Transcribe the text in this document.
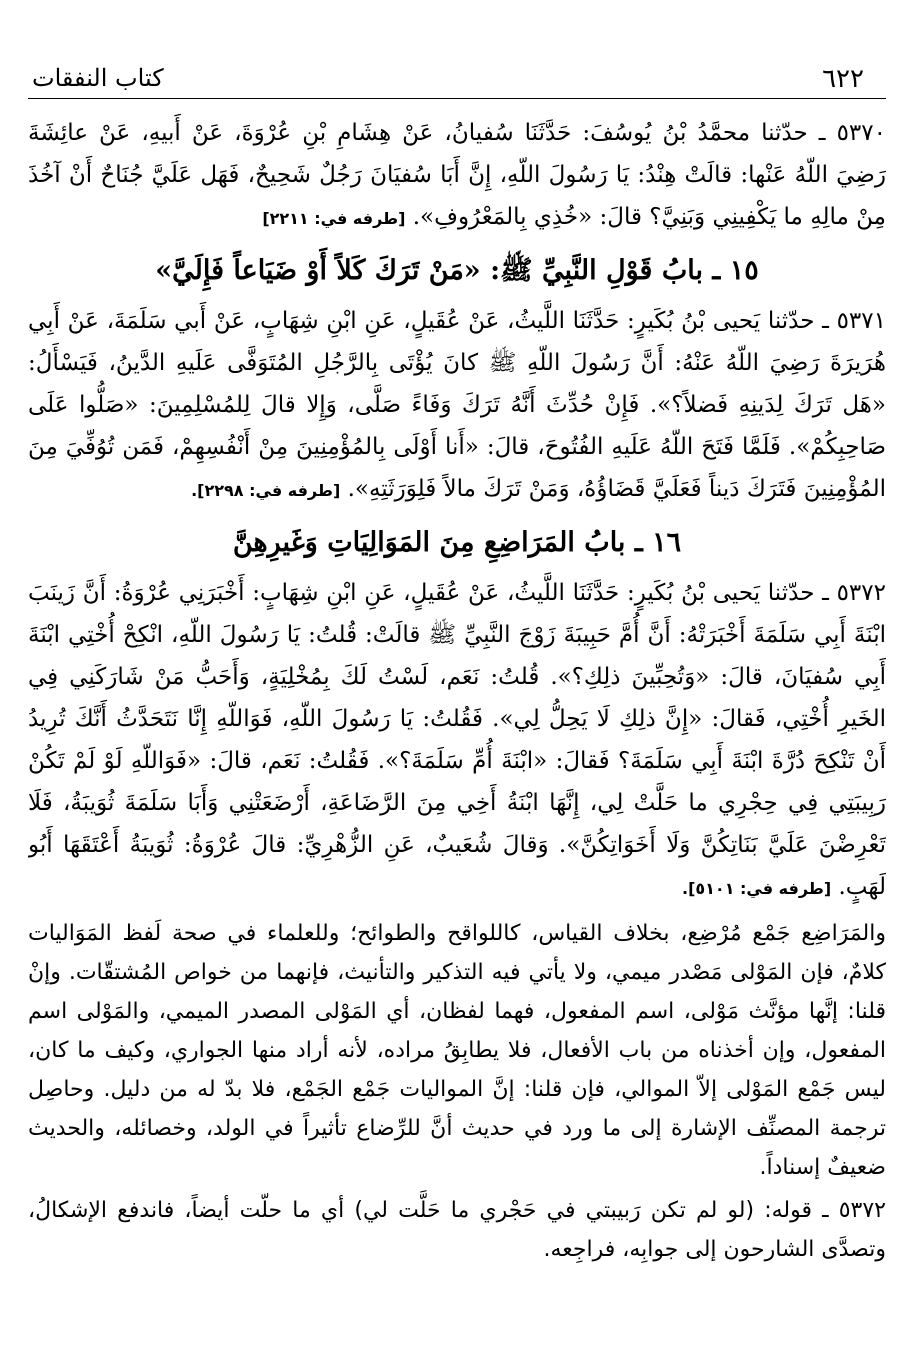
٦٢٢
كتاب النفقات

٥٣٧٠ ـ حدّثنا محمَّدُ بْنُ يُوسُفَ: حَدَّثَنَا سُفيانُ، عَنْ هِشَامِ بْنِ عُرْوَةَ، عَنْ أَبيهِ، عَنْ عائِشَةَ رَضِيَ اللّهُ عَنْها: قالَتْ هِنْدُ: يَا رَسُولَ اللّهِ، إِنَّ أَبَا سُفيَانَ رَجُلٌ شَحِيحٌ، فَهَل عَلَيَّ جُنَاحٌ أَنْ آخُذَ مِنْ مالِهِ ما يَكْفِينِي وَبَنِيَّ؟ قالَ: «خُذِي بِالمَعْرُوفِ». [طرفه في: ٢٢١١]

١٥ ـ بابُ قَوْلِ النَّبِيِّ ﷺ: «مَنْ تَرَكَ كَلاً أَوْ ضَيَاعاً فَإِلَيَّ»

٥٣٧١ ـ حدّثنا يَحيى بْنُ بُكَيرٍ: حَدَّثَنَا اللَّيثُ، عَنْ عُقَيلٍ، عَنِ ابْنِ شِهَابٍ، عَنْ أَبي سَلَمَةَ، عَنْ أَبِي هُرَيرَةَ رَضِيَ اللّهُ عَنْهُ: أَنَّ رَسُولَ اللّهِ ﷺ كانَ يُؤْتَى بِالرَّجُلِ المُتَوَفَّى عَلَيهِ الدَّينُ، فَيَسْأَلُ: «هَل تَرَكَ لِدَينِهِ فَضلاً؟». فَإِنْ حُدِّثَ أَنَّهُ تَرَكَ وَفَاءً صَلَّى، وَإِلا قالَ لِلمُسْلِمِينَ: «صَلُّوا عَلَى صَاحِبِكُمْ». فَلَمَّا فَتَحَ اللّهُ عَلَيهِ الفُتُوحَ، قالَ: «أَنا أَوْلَى بِالمُؤْمِنِينَ مِنْ أَنْفُسِهِمْ، فَمَن تُوُفِّيَ مِنَ المُؤْمِنِينَ فَتَرَكَ دَيناً فَعَلَيَّ قَضَاؤُهُ، وَمَنْ تَرَكَ مالاً فَلِوَرَثَتِهِ». [طرفه في: ٢٢٩٨].

١٦ ـ بابُ المَرَاضِعِ مِنَ المَوَالِيَاتِ وَغَيرِهِنَّ

٥٣٧٢ ـ حدّثنا يَحيى بْنُ بُكَيرٍ: حَدَّثَنَا اللَّيثُ، عَنْ عُقَيلٍ، عَنِ ابْنِ شِهَابٍ: أَخْبَرَنِي عُرْوَةُ: أَنَّ زَينَبَ ابْنَةَ أَبِي سَلَمَةَ أَخْبَرَتْهُ: أَنَّ أُمَّ حَبِيبَةَ زَوْجَ النَّبِيِّ ﷺ قالَتْ: قُلتُ: يَا رَسُولَ اللّهِ، انْكِحْ أُخْتِي ابْنَةَ أَبِي سُفيَانَ، قالَ: «وَتُحِبِّينَ ذلِكِ؟». قُلتُ: نَعَم، لَسْتُ لَكَ بِمُخْلِيَةٍ، وَأَحَبُّ مَنْ شَارَكَنِي فِي الخَيرِ أُخْتِي، فَقالَ: «إِنَّ ذلِكِ لَا يَحِلُّ لِي». فَقُلتُ: يَا رَسُولَ اللّهِ، فَوَاللّهِ إِنَّا نَتَحَدَّثُ أَنَّكَ تُرِيدُ أَنْ تَنْكِحَ دُرَّةَ ابْنَةَ أَبِي سَلَمَةَ؟ فَقالَ: «ابْنَةَ أُمِّ سَلَمَةَ؟». فَقُلتُ: نَعَم، قالَ: «فَوَاللّهِ لَوْ لَمْ تَكُنْ رَبِيبَتِي فِي حِجْرِي ما حَلَّتْ لِي، إِنَّهَا ابْنَةُ أَخِي مِنَ الرَّضَاعَةِ، أَرْضَعَتْنِي وَأَبَا سَلَمَةَ ثُوَيبَةُ، فَلَا تَعْرِضْنَ عَلَيَّ بَنَاتِكُنَّ وَلَا أَخَوَاتِكُنَّ». وَقالَ شُعَيبٌ، عَنِ الزُّهْرِيِّ: قالَ عُرْوَةُ: ثُوَيبَةُ أَعْتَقَهَا أَبُو لَهَبٍ. [طرفه في: ٥١٠١].

والمَرَاضِع جَمْع مُرْضِع، بخلاف القياس، كاللواقح والطوائح؛ وللعلماء في صحة لَفظ المَوَاليات كلامٌ، فإن المَوْلى مَصْدر ميمي، ولا يأتي فيه التذكير والتأنيث، فإنهما من خواص المُشتقّات. وإنْ قلنا: إنَّها مؤنَّث مَوْلى، اسم المفعول، فهما لفظان، أي المَوْلى المصدر الميمي، والمَوْلى اسم المفعول، وإن أخذناه من باب الأفعال، فلا يطابِقُ مراده، لأنه أراد منها الجواري، وكيف ما كان، ليس جَمْع المَوْلى إلاّ الموالي، فإن قلنا: إنَّ المواليات جَمْع الجَمْع، فلا بدّ له من دليل. وحاصِل ترجمة المصنِّف الإشارة إلى ما ورد في حديث أنَّ للرِّضاع تأثيراً في الولد، وخصائله، والحديث ضعيفٌ إسناداً.

٥٣٧٢ ـ قوله: (لو لم تكن رَبيبتي في حَجْري ما حَلَّت لي) أي ما حلّت أيضاً، فاندفع الإشكالُ، وتصدَّى الشارحون إلى جوابِه، فراجِعه.
